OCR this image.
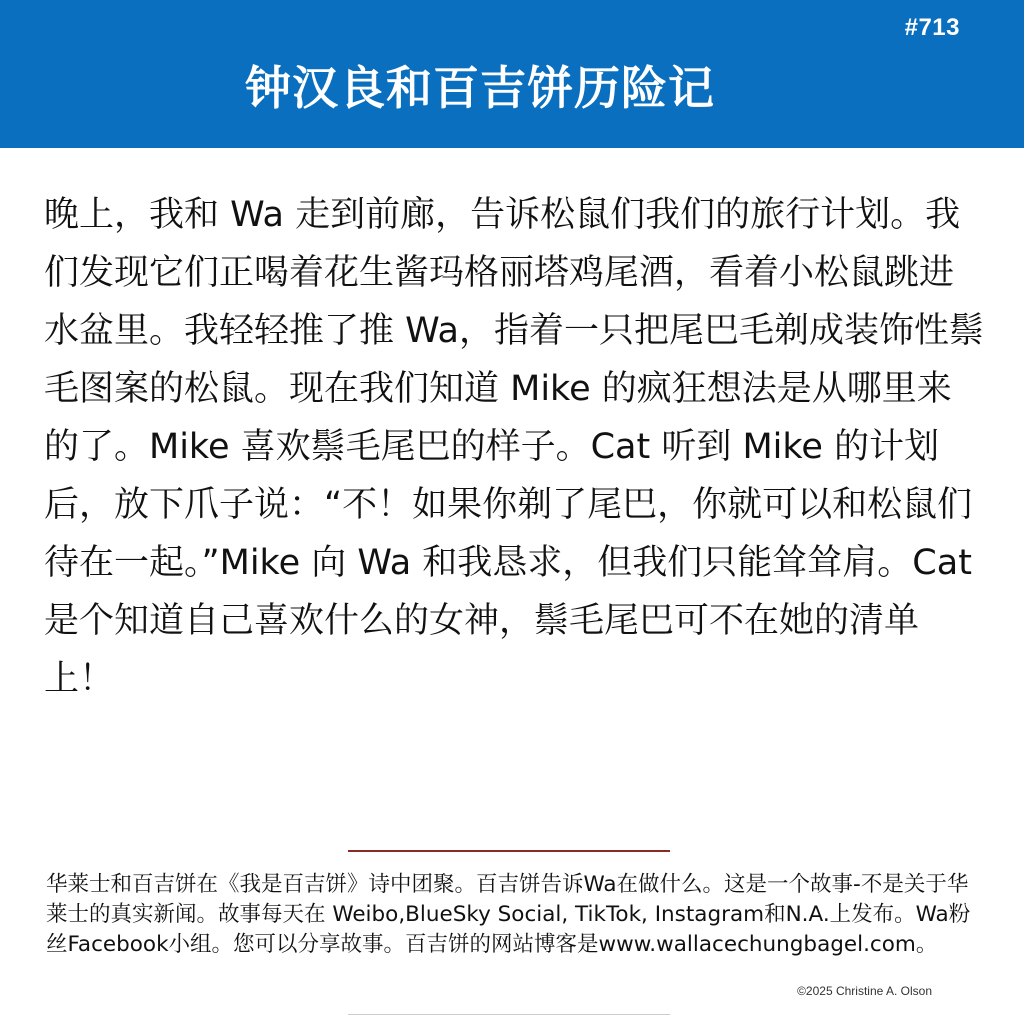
#713
钟汉良和百吉饼历险记

晚上，我和 Wa 走到前廊，告诉松鼠们我们的旅行计划。我们发现它们正喝着花生酱玛格丽塔鸡尾酒，看着小松鼠跳进水盆里。我轻轻推了推 Wa，指着一只把尾巴毛剃成装饰性鬃毛图案的松鼠。现在我们知道 Mike 的疯狂想法是从哪里来的了。Mike 喜欢鬃毛尾巴的样子。Cat 听到 Mike 的计划后，放下爪子说：“不！如果你剃了尾巴，你就可以和松鼠们待在一起。”Mike 向 Wa 和我恳求，但我们只能耸耸肩。Cat 是个知道自己喜欢什么的女神，鬃毛尾巴可不在她的清单上！

华莱士和百吉饼在《我是百吉饼》诗中团聚。百吉饼告诉Wa在做什么。这是一个故事-不是关于华莱士的真实新闻。故事每天在 Weibo,BlueSky Social, TikTok, Instagram和N.A.上发布。Wa粉丝Facebook小组。您可以分享故事。百吉饼的网站博客是www.wallacechungbagel.com。

©2025 Christine A. Olson
